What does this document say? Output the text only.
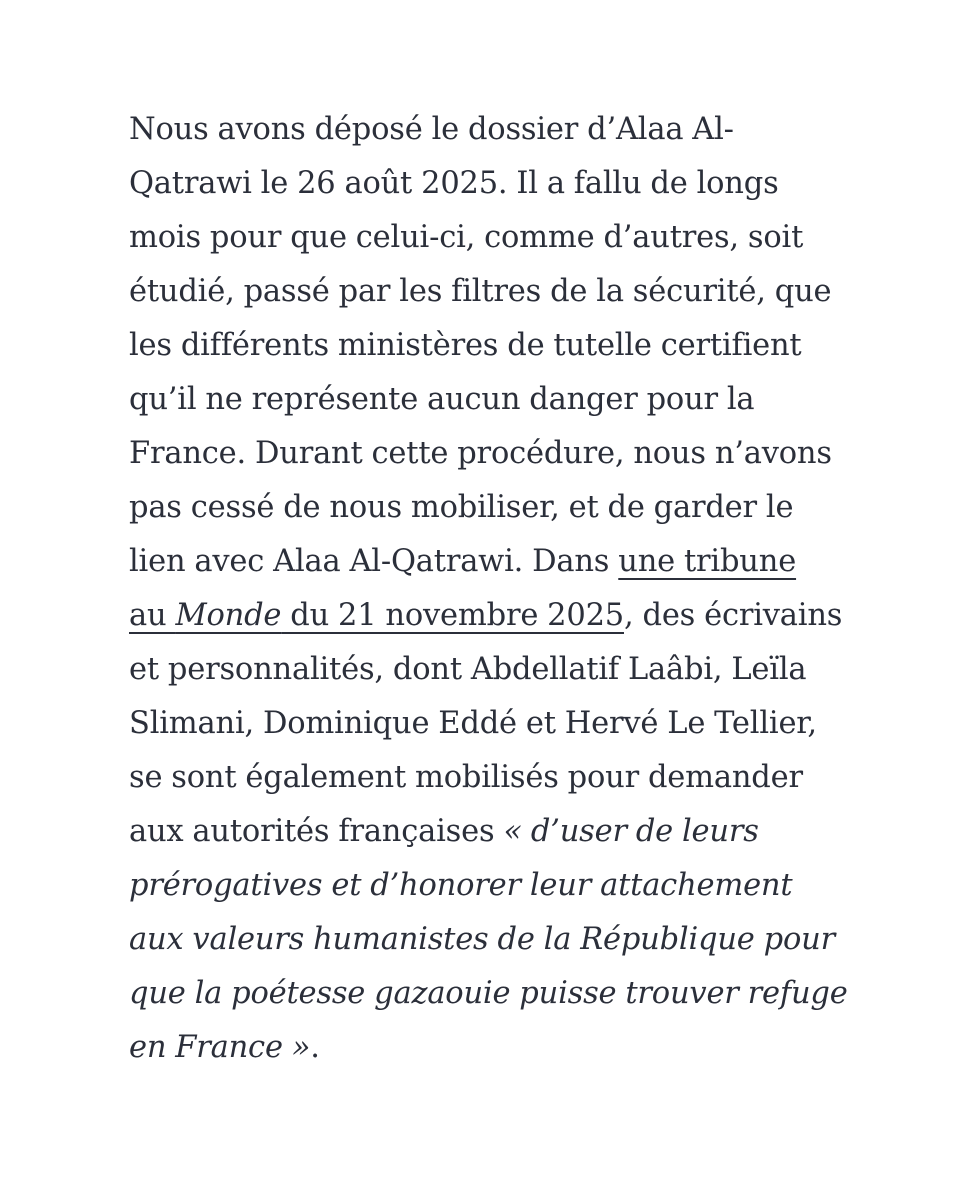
Nous avons déposé le dossier d’Alaa Al-
Qatrawi le 26 août 2025. Il a fallu de longs
mois pour que celui-ci, comme d’autres, soit
étudié, passé par les filtres de la sécurité, que
les différents ministères de tutelle certifient
qu’il ne représente aucun danger pour la
France. Durant cette procédure, nous n’avons
pas cessé de nous mobiliser, et de garder le
lien avec Alaa Al-Qatrawi. Dans une tribune
au Monde du 21 novembre 2025, des écrivains
et personnalités, dont Abdellatif Laâbi, Leïla
Slimani, Dominique Eddé et Hervé Le Tellier,
se sont également mobilisés pour demander
aux autorités françaises « d’user de leurs
prérogatives et d’honorer leur attachement
aux valeurs humanistes de la République pour
que la poétesse gazaouie puisse trouver refuge
en France ».
